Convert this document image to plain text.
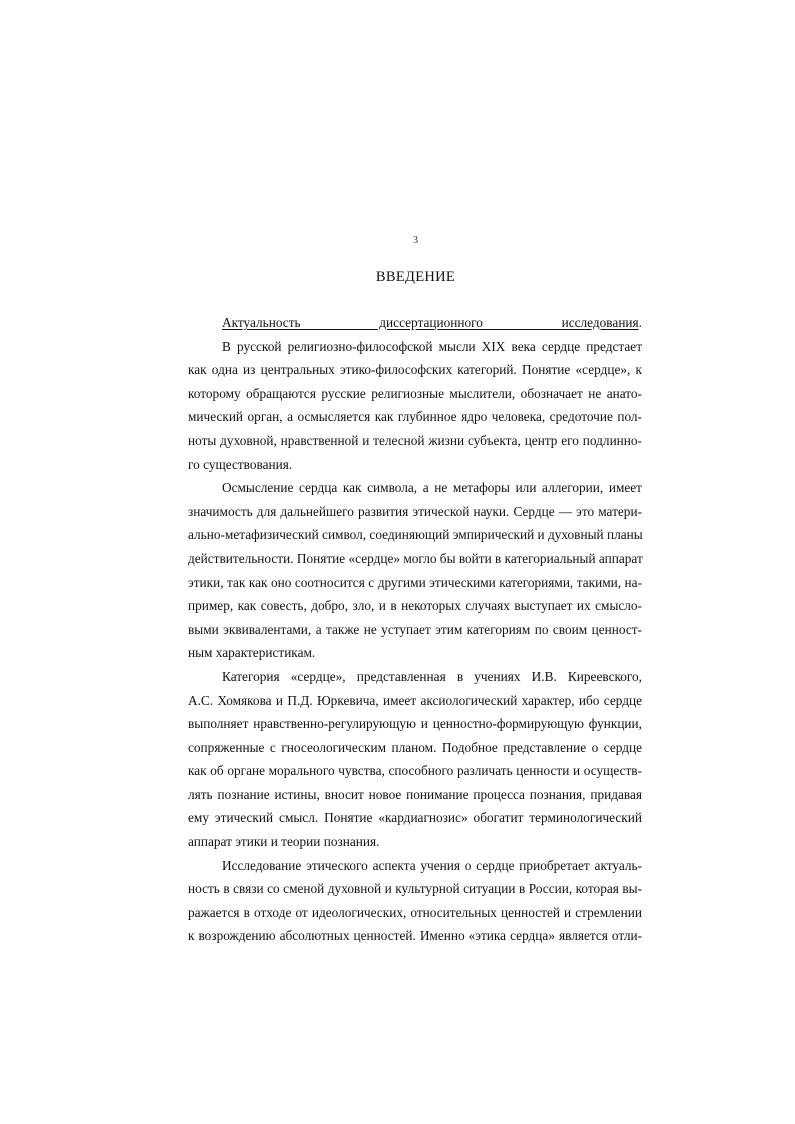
3
ВВЕДЕНИЕ
Актуальность диссертационного исследования.
В русской религиозно-философской мысли XIX века сердце предстает
как одна из центральных этико-философских категорий. Понятие «сердце», к
которому обращаются русские религиозные мыслители, обозначает не анато-
мический орган, а осмысляется как глубинное ядро человека, средоточие пол-
ноты духовной, нравственной и телесной жизни субъекта, центр его подлинно-
го существования.
Осмысление сердца как символа, а не метафоры или аллегории, имеет
значимость для дальнейшего развития этической науки. Сердце — это матери-
ально-метафизический символ, соединяющий эмпирический и духовный планы
действительности. Понятие «сердце» могло бы войти в категориальный аппарат
этики, так как оно соотносится с другими этическими категориями, такими, на-
пример, как совесть, добро, зло, и в некоторых случаях выступает их смысло-
выми эквивалентами, а также не уступает этим категориям по своим ценност-
ным характеристикам.
Категория «сердце», представленная в учениях И.В. Киреевского,
А.С. Хомякова и П.Д. Юркевича, имеет аксиологический характер, ибо сердце
выполняет нравственно-регулирующую и ценностно-формирующую функции,
сопряженные с гносеологическим планом. Подобное представление о сердце
как об органе морального чувства, способного различать ценности и осуществ-
лять познание истины, вносит новое понимание процесса познания, придавая
ему этический смысл. Понятие «кардиагнозис» обогатит терминологический
аппарат этики и теории познания.
Исследование этического аспекта учения о сердце приобретает актуаль-
ность в связи со сменой духовной и культурной ситуации в России, которая вы-
ражается в отходе от идеологических, относительных ценностей и стремлении
к возрождению абсолютных ценностей. Именно «этика сердца» является отли-
